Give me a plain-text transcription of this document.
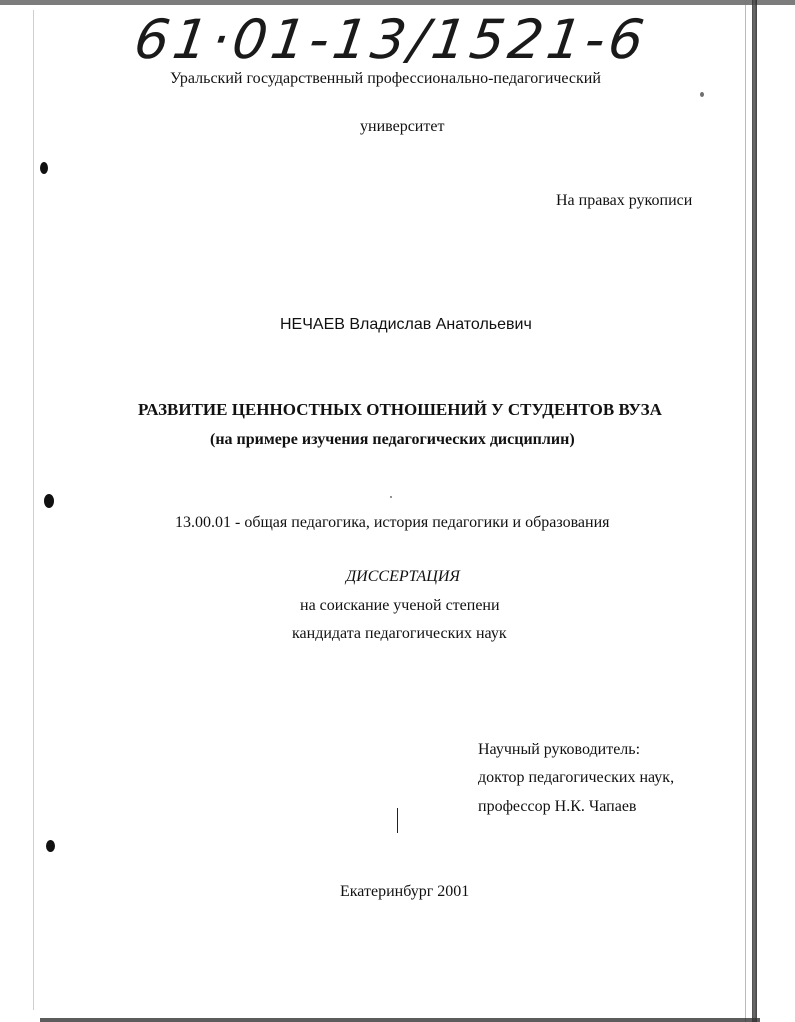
61·01-13/1521-6
Уральский государственный профессионально-педагогический
университет
На правах рукописи
НЕЧАЕВ Владислав Анатольевич
РАЗВИТИЕ ЦЕННОСТНЫХ ОТНОШЕНИЙ У СТУДЕНТОВ ВУЗА
(на примере изучения педагогических дисциплин)
13.00.01 - общая педагогика, история педагогики и образования
ДИССЕРТАЦИЯ
на соискание ученой степени
кандидата педагогических наук
Научный руководитель:
доктор педагогических наук,
профессор Н.К. Чапаев
Екатеринбург 2001
